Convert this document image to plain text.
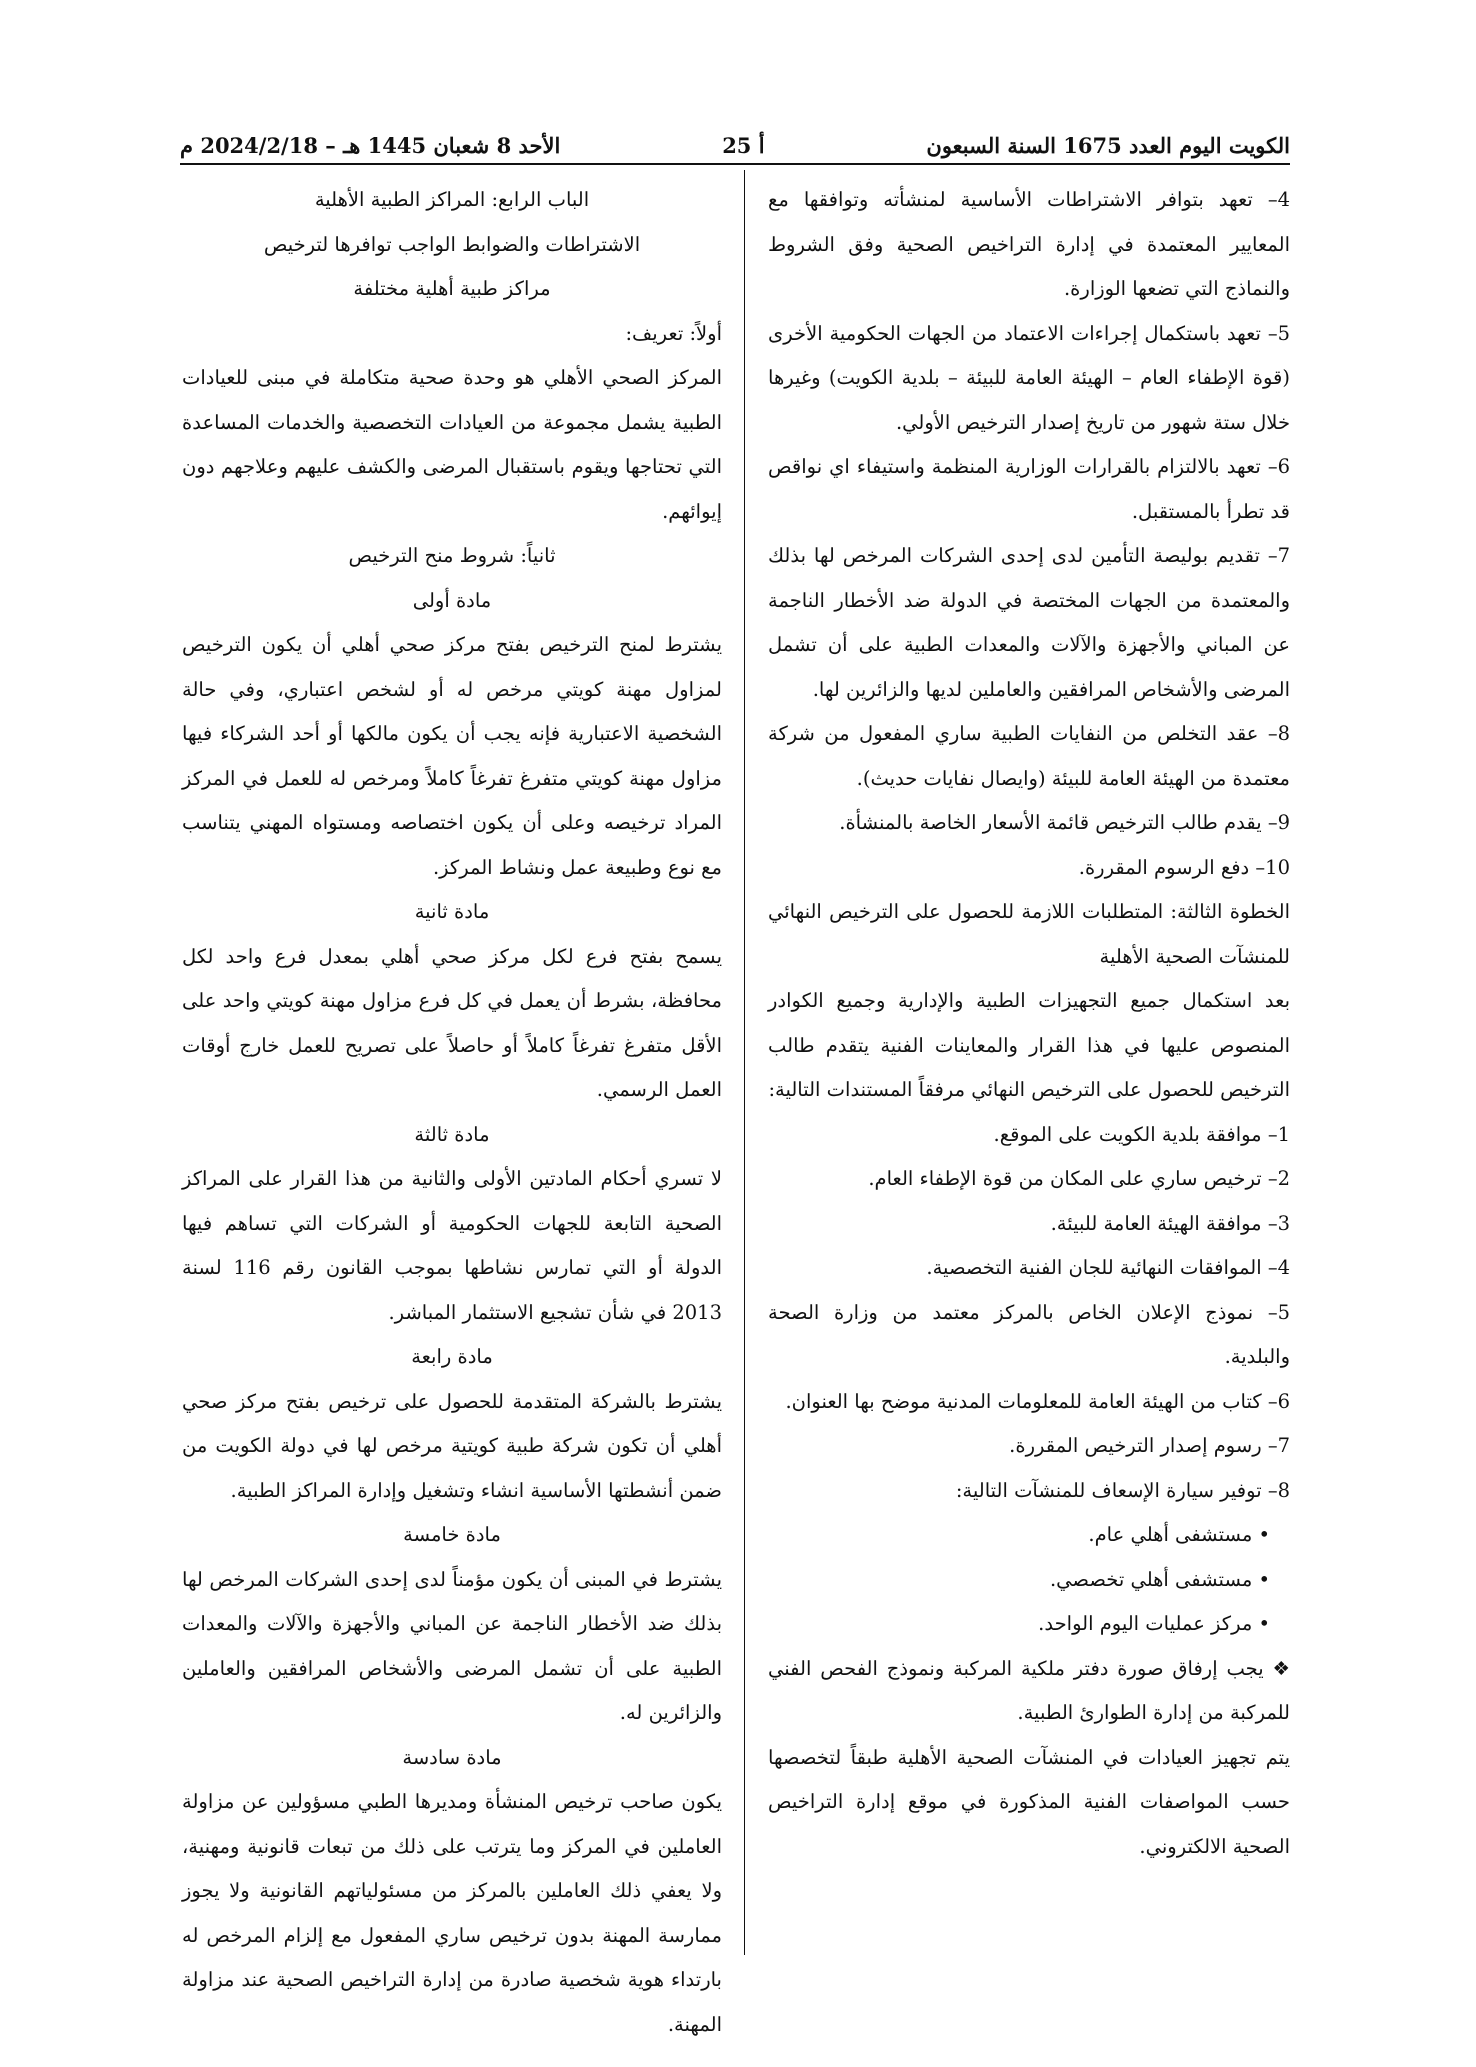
الكويت اليوم العدد 1675 السنة السبعون
أ 25
الأحد 8 شعبان 1445 هـ – 2024/2/18 م

4– تعهد بتوافر الاشتراطات الأساسية لمنشأته وتوافقها مع المعايير المعتمدة في إدارة التراخيص الصحية وفق الشروط والنماذج التي تضعها الوزارة.

5– تعهد باستكمال إجراءات الاعتماد من الجهات الحكومية الأخرى (قوة الإطفاء العام – الهيئة العامة للبيئة – بلدية الكويت) وغيرها خلال ستة شهور من تاريخ إصدار الترخيص الأولي.

6– تعهد بالالتزام بالقرارات الوزارية المنظمة واستيفاء اي نواقص قد تطرأ بالمستقبل.

7– تقديم بوليصة التأمين لدى إحدى الشركات المرخص لها بذلك والمعتمدة من الجهات المختصة في الدولة ضد الأخطار الناجمة عن المباني والأجهزة والآلات والمعدات الطبية على أن تشمل المرضى والأشخاص المرافقين والعاملين لديها والزائرين لها.

8– عقد التخلص من النفايات الطبية ساري المفعول من شركة معتمدة من الهيئة العامة للبيئة (وايصال نفايات حديث).

9– يقدم طالب الترخيص قائمة الأسعار الخاصة بالمنشأة.

10– دفع الرسوم المقررة.

الخطوة الثالثة: المتطلبات اللازمة للحصول على الترخيص النهائي للمنشآت الصحية الأهلية

بعد استكمال جميع التجهيزات الطبية والإدارية وجميع الكوادر المنصوص عليها في هذا القرار والمعاينات الفنية يتقدم طالب الترخيص للحصول على الترخيص النهائي مرفقاً المستندات التالية:

1– موافقة بلدية الكويت على الموقع.

2– ترخيص ساري على المكان من قوة الإطفاء العام.

3– موافقة الهيئة العامة للبيئة.

4– الموافقات النهائية للجان الفنية التخصصية.

5– نموذج الإعلان الخاص بالمركز معتمد من وزارة الصحة والبلدية.

6– كتاب من الهيئة العامة للمعلومات المدنية موضح بها العنوان.

7– رسوم إصدار الترخيص المقررة.

8– توفير سيارة الإسعاف للمنشآت التالية:

• مستشفى أهلي عام.

• مستشفى أهلي تخصصي.

• مركز عمليات اليوم الواحد.

❖ يجب إرفاق صورة دفتر ملكية المركبة ونموذج الفحص الفني للمركبة من إدارة الطوارئ الطبية.

يتم تجهيز العيادات في المنشآت الصحية الأهلية طبقاً لتخصصها حسب المواصفات الفنية المذكورة في موقع إدارة التراخيص الصحية الالكتروني.

الباب الرابع: المراكز الطبية الأهلية

الاشتراطات والضوابط الواجب توافرها لترخيص

مراكز طبية أهلية مختلفة

أولاً: تعريف:

المركز الصحي الأهلي هو وحدة صحية متكاملة في مبنى للعيادات الطبية يشمل مجموعة من العيادات التخصصية والخدمات المساعدة التي تحتاجها ويقوم باستقبال المرضى والكشف عليهم وعلاجهم دون إيوائهم.

ثانياً: شروط منح الترخيص

مادة أولى

يشترط لمنح الترخيص بفتح مركز صحي أهلي أن يكون الترخيص لمزاول مهنة كويتي مرخص له أو لشخص اعتباري، وفي حالة الشخصية الاعتبارية فإنه يجب أن يكون مالكها أو أحد الشركاء فيها مزاول مهنة كويتي متفرغ تفرغاً كاملاً ومرخص له للعمل في المركز المراد ترخيصه وعلى أن يكون اختصاصه ومستواه المهني يتناسب مع نوع وطبيعة عمل ونشاط المركز.

مادة ثانية

يسمح بفتح فرع لكل مركز صحي أهلي بمعدل فرع واحد لكل محافظة، بشرط أن يعمل في كل فرع مزاول مهنة كويتي واحد على الأقل متفرغ تفرغاً كاملاً أو حاصلاً على تصريح للعمل خارج أوقات العمل الرسمي.

مادة ثالثة

لا تسري أحكام المادتين الأولى والثانية من هذا القرار على المراكز الصحية التابعة للجهات الحكومية أو الشركات التي تساهم فيها الدولة أو التي تمارس نشاطها بموجب القانون رقم 116 لسنة 2013 في شأن تشجيع الاستثمار المباشر.

مادة رابعة

يشترط بالشركة المتقدمة للحصول على ترخيص بفتح مركز صحي أهلي أن تكون شركة طبية كويتية مرخص لها في دولة الكويت من ضمن أنشطتها الأساسية انشاء وتشغيل وإدارة المراكز الطبية.

مادة خامسة

يشترط في المبنى أن يكون مؤمناً لدى إحدى الشركات المرخص لها بذلك ضد الأخطار الناجمة عن المباني والأجهزة والآلات والمعدات الطبية على أن تشمل المرضى والأشخاص المرافقين والعاملين والزائرين له.

مادة سادسة

يكون صاحب ترخيص المنشأة ومديرها الطبي مسؤولين عن مزاولة العاملين في المركز وما يترتب على ذلك من تبعات قانونية ومهنية، ولا يعفي ذلك العاملين بالمركز من مسئولياتهم القانونية ولا يجوز ممارسة المهنة بدون ترخيص ساري المفعول مع إلزام المرخص له بارتداء هوية شخصية صادرة من إدارة التراخيص الصحية عند مزاولة المهنة.
